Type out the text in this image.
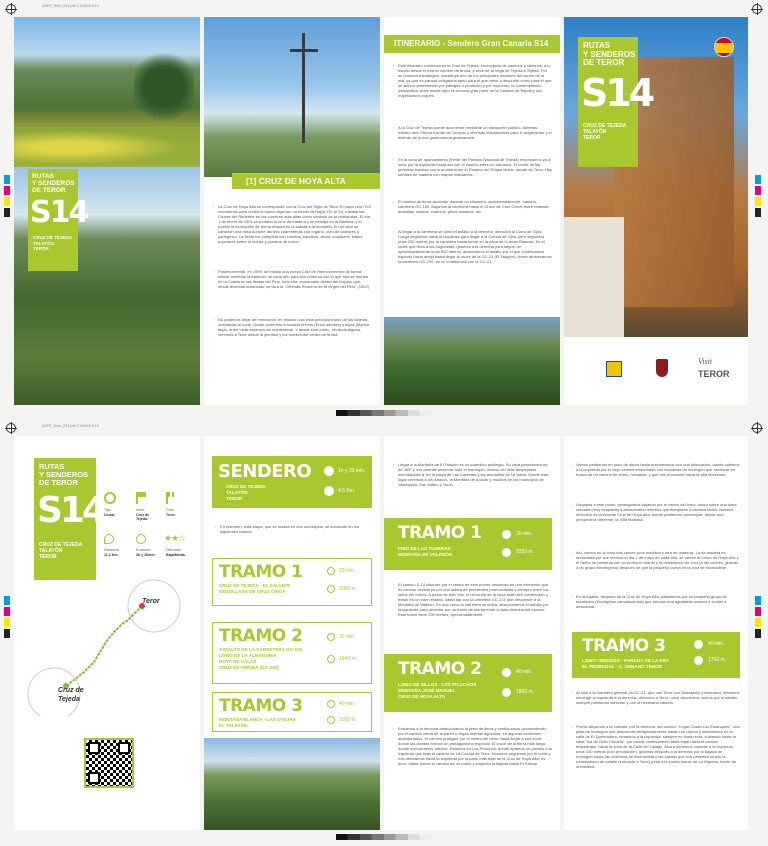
AAPP_Teror_S14.pdf 1 10/6/16 9:15
RUTAS
Y SENDEROS
DE TEROR
S14
CRUZ DE TEJEDA
TALAYÓN
TEROR
[1] CRUZ DE HOYA ALTA
› La Cruz de Hoya Alta se corresponde con la Cruz del Siglo de Teror. El papa León XIII recomendó para recibir el nuevo siglo tan un triunfo del siglo XIX al XX, instalar las Cruces del Redentor en las cumbres más altas como símbolo de la cristiandad. El día 1 de enero de 1901 se portaba la cruz de madera y se bendijo en la Basílica, y el pueblo la acompañó de forma masiva en la subida a la montaña. En un acto se cantaron una misa durante las tres cuarentenas con órgano, coro de cantores y panegírico. La fiesta fue completa con cohetes, bandeos, arcos, voladores, bailes populares sobre la huerta y puestos de turrón.
› Posteriormente, en 1999, se instala una nueva Cruz de Hierro/cemento de forma similar mientras la tradición de cada año para sus romeros con el que aún se reúnen en la Cuarta en las fiestas del Pino, todo ello, enmarcado dentro del impuso que, desde diversas instancias, se da a la "Ofrenda-Romería de la Virgen del Pino" (1902).
› No podemos dejar de mencionar, en relación con esta preciosa tramo de las laderas orientadas al norte, donde podemos encontrar brezos (Erica arborea) y fayas (Myrica faya), entre otras especies de monteverde. Y desde este punto, sin duda alguna, veremos a Teror desde la plenitud y los montes del centro de la isla.
ITINERARIO - Sendero Gran Canaria S14
› Este itinerario comienza en la Cruz de Tejeda, encrucijada de caminos y caminos, a lo escrito desde el mismo cumbre de la isla, y sirve de la Vega de Tejeda a Tejeda. Por su posición estratégica, constituye uno de los principales enclaves del centro de la isla, ya que es parada obligatoria tanto para el que viene a descubrir como para el que se acercó (entretenido por paisajes o producto) y por supuesto, la contemplación paisajística, pues desde aquí se domina gran parte de la Caldera de Tejeda y sus majestuosos roques.
› A la Cruz de Tejeda puede accederse mediante un transporte público. Además, existen una Oficina Insular de Turismo y diversas instalaciones para el alojamiento y el disfrute de la rica gastronomía grancanaria.
› En la zona de aparcamiento (frente del Parador Nacional de Tejeda) empezamos ya a subir por la izquierda hasta dar con el camino entre un barranco. El borde de las primeras cuestas con una vista entre el Parador del Roque Nublo, detrás de Teror. Hay señales de madera con mapas indicativos.
› El camino de tierra asciende durante un kilómetro, aproximadamente, hasta la carretera GC-150. Bajamos la carretera hasta el Cruce de Cruz Chica, entre retamas amarillas, salvias, codesos, pinos canarios, etc.
› Al llegar a la carretera se toma el asfalto a la derecha, dirección al Llano de Ojos. Luego seguimos hacia la izquierda para llegar a la Cuesta de Ojos, pero seguimos unos 200 metros por la carretera hasta tomar en la zona de Cuevas Blancas. En el cruce que lleva a las Lagunetas, giramos a la derecha para seguir, en aproximadamente unos 800 metros, alcanzamos el asfalto por el que continuamos bajando hacia abajo hasta llegar al cruce de la GC-21 (El Talayón). Antes atravesamos la carretera GC-230, en su confluencia con la GC-21.
RUTAS
Y SENDEROS
DE TEROR
S14
CRUZ DE TEJEDA
TALAYÓN
TEROR
Visit
TEROR
AAPP_Teror_S14.pdf 2 10/6/16 9:15
RUTAS
Y SENDEROS
DE TEROR
S14
CRUZ DE TEJEDA
TALAYÓN
TEROR
Tipo
Lineal.
Inicio
Cruz de Tejeda.
Final
Teror.
Distancia
11,2 Km.
Duración
3h y 30min.
★★☆
Dificultad
Baja/Media.
Teror
Cruz de Tejeda
SENDERO
CRUZ DE TEJEDA
TALAYÓN
TEROR
1h y 30 min.
4,6 Km.
› En resumen, esta etapa, que se realiza en dos municipios, se subdivide en los siguientes tramos:
TRAMO 1
CRUZ DE TEJEDA - EL SALVIAR
DEGOLLADA DE CRUZ CHICA
20 min.
1000 m.
TRAMO 2
ASFALTO DE LA CARRETERA GC-150
LOMO DE LA ALMADORIA
HOYA DE CALAZ
CRUZ DE ARRIBA (GC-230)
30 min.
1840 m.
TRAMO 3
MONTAÑA BLANCA - LAS OVEJAS
EL TALAYÓN
40 min.
2000 m.
› Llegar a la Montaña de El Talayón es un auténtico privilegio. Su vista panorámica es de 360º y nos permite observar todo el municipio, incluso ver días despejados asomándose a ver la playa de Las Canteras y las montañas de La Isleta. Desde este lugar veremos a los Ábacos, la Montaña de Arucas y muchos de los municipios de Valsequillo, San Mateo y Teror.
TRAMO 1
PISO DE LAS TUNERAS
MONTAÑA DE VALERÓN
30 min.
2250 m.
› El camino S-14 discurre por el centro de este primer descenso en una extensión que es camino vecinal ya por una ladera de pendientes pronunciadas y siempre entre los lados del cultivo. A pesar de todo ello, el recorrido de la zona está bien conservado y existe en un buen estado, hasta dar con la carretera GC-214 que desciende a la Montaña de Valerón. En una curva la carretera se dobla, abandonamos el asfalto por la izquierda para penetrar por un tramo de hierba entre la lado derecha del camino. Este tramo tiene 200 metros, aproximadamente.
TRAMO 2
LOMO DE SILLOS - LOS PICACHOS
MONTAÑA JOSÉ MANUEL
CRUZ DE HOYA ALTA
40 min.
1800 m.
› Entramos a la derecha abandonando la pista de tierra y continuamos descendiendo por el camino cerca de la pared y viejas huertas agrícolas, en algunas ocasiones abandonados. El camino prosigue por el centro del cerro hasta llegar a una zona donde las plantas forman un protagonismo especial. El cruce de la tierra más larga, donde encontramos árboles. Estamos en Los Picachos, donde aparece un camino a la izquierda que baja al caserío de La Cuesta de Teror. Nosotros seguimos por el norte y nos desviamos hacia la izquierda por la parte más baja de la Cruz de Hoya Alta, es decir, hasta donde el camino da un rodeo y empieza la bajada hasta El Palmar.
› Vamos perdiendo en poco de altura hasta encontrarnos con una bifurcación, donde subimos a la izquierda por el viejo camino empedrado con escaleras de hormigón que asciende en busca de un camino de vides - vesados- y que nos encamina hacia la villa terorense.
› Llegados a este punto, proseguimos bajando por el centro del lomo, ahora sobre una loma cercada (muy templada) y abundantes helechos que flanquean a cambos lados. Nuestra dirección es la enorme Cruz de Hoya Alta, donde podremos contemplar, desde una perspectiva diferente, la Villa Mariana.
› Así, vemos en la cima dos cruces (una metálica y otra de madera). La de madera es anunciada por sus vecinos el día 1 de mayo de cada año, se ofrece al Cristo de Hoya Alta y el Señor se presenta con su profundo manto y la celebración de cruz (a las noches, gracias a un grupo electrógeno) después de que la pequeña cueva en la cruz se encendiese.
› En la bajada, después de la Cruz de Hoya Alta, pasaremos por un pequeño grupo de eucaliptos (Eucalyptus camaldulensis) que brindan una agradable sombra e invitan a descansar.
TRAMO 3
LOMO VERDOSO - PARADA DE LA ERA
EL PEDREGAL - C. URBANO TEROR
40 min.
1750 m.
› Al salir a la carretera general (la GC-21, que une Teror con Valsequillo y Artenara), debemos sumergir la izquierda a la derecha -dirección a Teror- unos descientos metros por el asfalto, siempre prestando atención y con la necesaria cautela.
› Pronto alejamos a la entrada, por la derecha, del camino "Lugar Casita Los Estanques", una pista de hormigón que desciende vertiginosamente hasta Los Llanos y desemboca en la calle de El Quebradero, tomamos a la izquierda, siempre en línea recta, subiendo hasta la casa "Isa de Grán Canaria", por donde continuamos hasta bajar hacia el camino empedrado, hacia la zona de la Calle del Obispo. Ahora debemos caminar a la izquierda unos 100 metros (con precaución), giramos después a la derecha por la bajada de hormigón hasta las viviendas de Buenavista y las casitas que nos permiten cruzar la urbanización de asfalto (entrando a Teror) junto a la bonita fuente de La Higuera, frente de la basílica.
